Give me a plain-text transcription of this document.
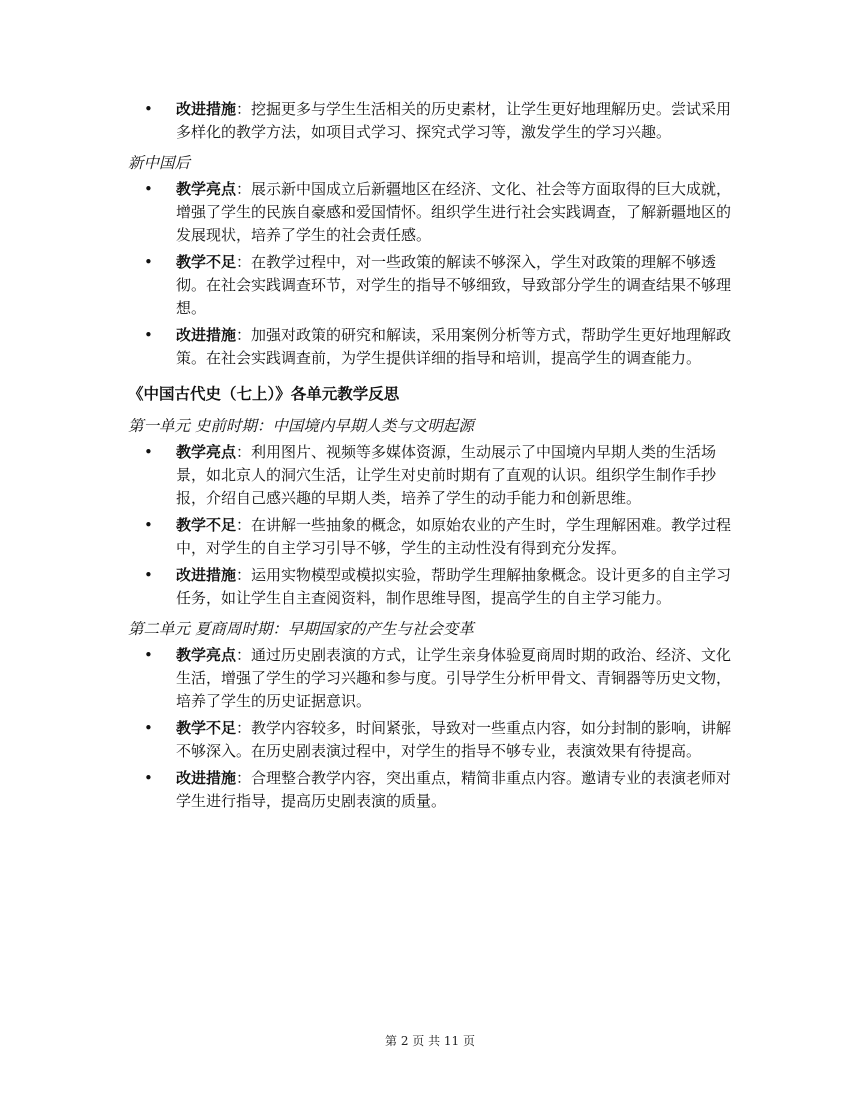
• 改进措施：挖掘更多与学生生活相关的历史素材，让学生更好地理解历史。尝试采用多样化的教学方法，如项目式学习、探究式学习等，激发学生的学习兴趣。
新中国后
• 教学亮点：展示新中国成立后新疆地区在经济、文化、社会等方面取得的巨大成就，增强了学生的民族自豪感和爱国情怀。组织学生进行社会实践调查，了解新疆地区的发展现状，培养了学生的社会责任感。
• 教学不足：在教学过程中，对一些政策的解读不够深入，学生对政策的理解不够透彻。在社会实践调查环节，对学生的指导不够细致，导致部分学生的调查结果不够理想。
• 改进措施：加强对政策的研究和解读，采用案例分析等方式，帮助学生更好地理解政策。在社会实践调查前，为学生提供详细的指导和培训，提高学生的调查能力。
《中国古代史（七上）》各单元教学反思
第一单元 史前时期：中国境内早期人类与文明起源
• 教学亮点：利用图片、视频等多媒体资源，生动展示了中国境内早期人类的生活场景，如北京人的洞穴生活，让学生对史前时期有了直观的认识。组织学生制作手抄报，介绍自己感兴趣的早期人类，培养了学生的动手能力和创新思维。
• 教学不足：在讲解一些抽象的概念，如原始农业的产生时，学生理解困难。教学过程中，对学生的自主学习引导不够，学生的主动性没有得到充分发挥。
• 改进措施：运用实物模型或模拟实验，帮助学生理解抽象概念。设计更多的自主学习任务，如让学生自主查阅资料，制作思维导图，提高学生的自主学习能力。
第二单元 夏商周时期：早期国家的产生与社会变革
• 教学亮点：通过历史剧表演的方式，让学生亲身体验夏商周时期的政治、经济、文化生活，增强了学生的学习兴趣和参与度。引导学生分析甲骨文、青铜器等历史文物，培养了学生的历史证据意识。
• 教学不足：教学内容较多，时间紧张，导致对一些重点内容，如分封制的影响，讲解不够深入。在历史剧表演过程中，对学生的指导不够专业，表演效果有待提高。
• 改进措施：合理整合教学内容，突出重点，精简非重点内容。邀请专业的表演老师对学生进行指导，提高历史剧表演的质量。
第 2 页 共 11 页
